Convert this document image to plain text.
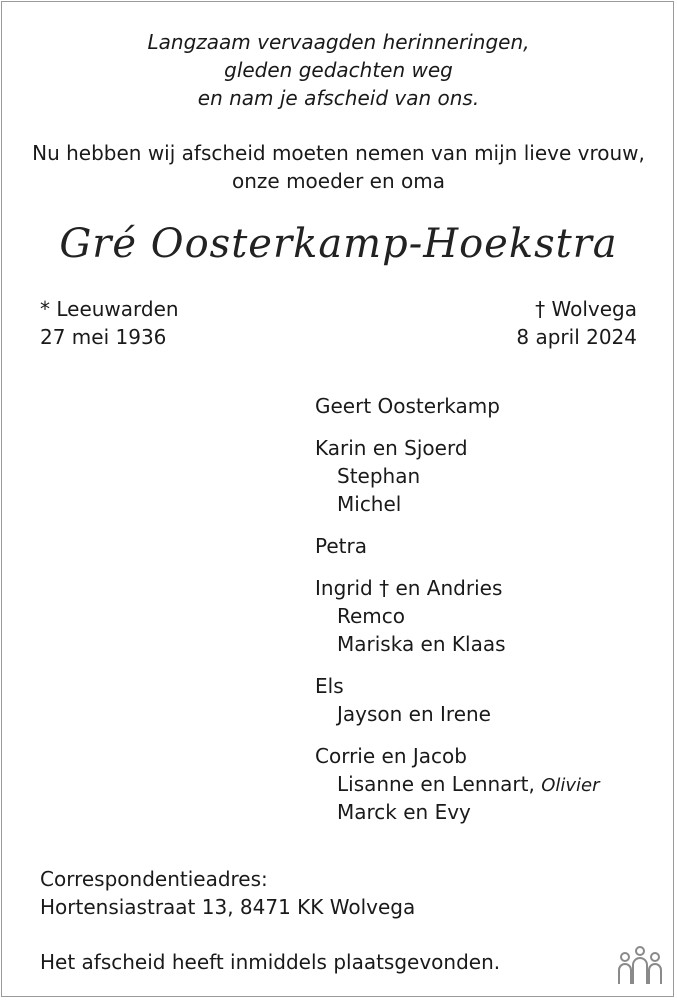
Langzaam vervaagden herinneringen,
gleden gedachten weg
en nam je afscheid van ons.
Nu hebben wij afscheid moeten nemen van mijn lieve vrouw,
onze moeder en oma
Gré Oosterkamp-Hoekstra
* Leeuwarden
27 mei 1936
† Wolvega
8 april 2024
Geert Oosterkamp
Karin en Sjoerd
Stephan
Michel
Petra
Ingrid † en Andries
Remco
Mariska en Klaas
Els
Jayson en Irene
Corrie en Jacob
Lisanne en Lennart, Olivier
Marck en Evy
Correspondentieadres:
Hortensiastraat 13, 8471 KK Wolvega
Het afscheid heeft inmiddels plaatsgevonden.
